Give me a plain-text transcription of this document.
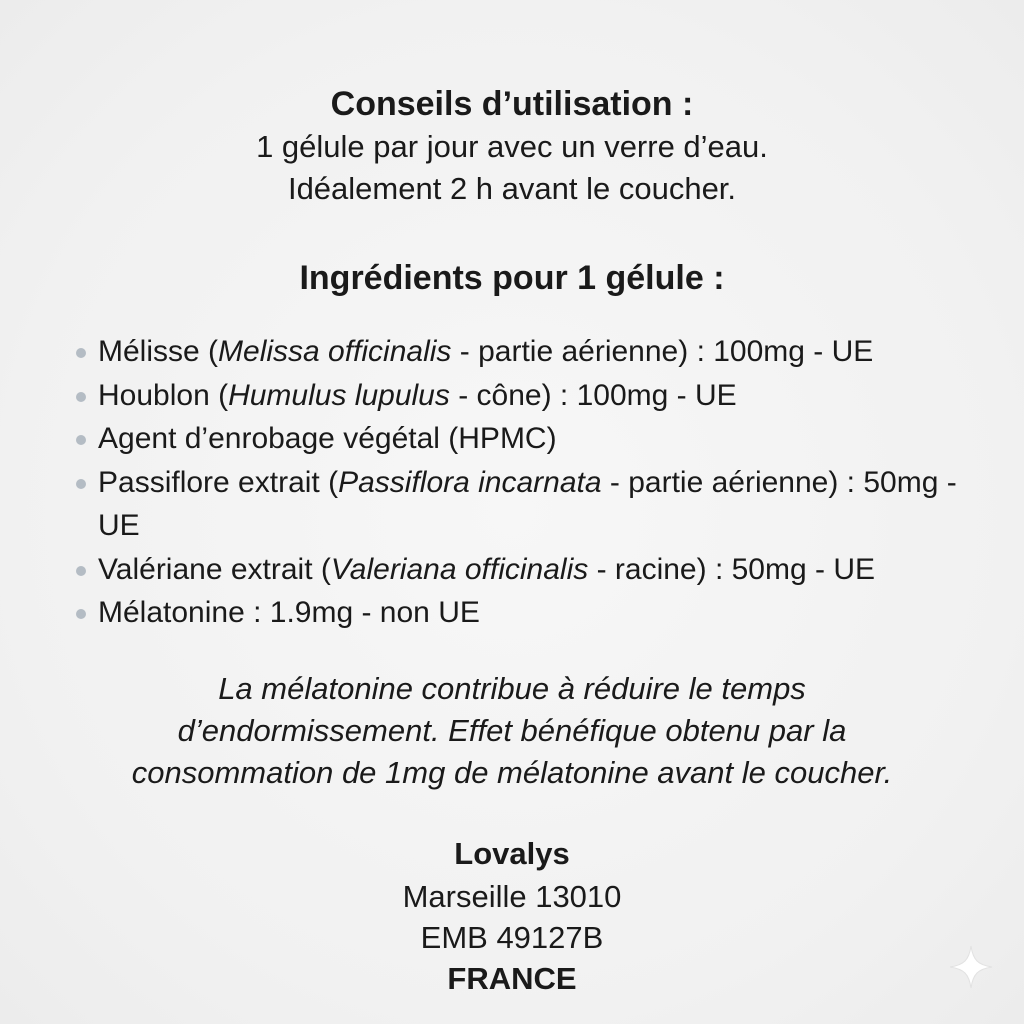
Conseils d’utilisation :
1 gélule par jour avec un verre d’eau.
Idéalement 2 h avant le coucher.
Ingrédients pour 1 gélule :
Mélisse (Melissa officinalis - partie aérienne) : 100mg - UE
Houblon (Humulus lupulus - cône) : 100mg - UE
Agent d’enrobage végétal (HPMC)
Passiflore extrait (Passiflora incarnata - partie aérienne) : 50mg - UE
Valériane extrait (Valeriana officinalis - racine) : 50mg - UE
Mélatonine : 1.9mg - non UE
La mélatonine contribue à réduire le temps
d’endormissement. Effet bénéfique obtenu par la
consommation de 1mg de mélatonine avant le coucher.
Lovalys
Marseille 13010
EMB 49127B
FRANCE
